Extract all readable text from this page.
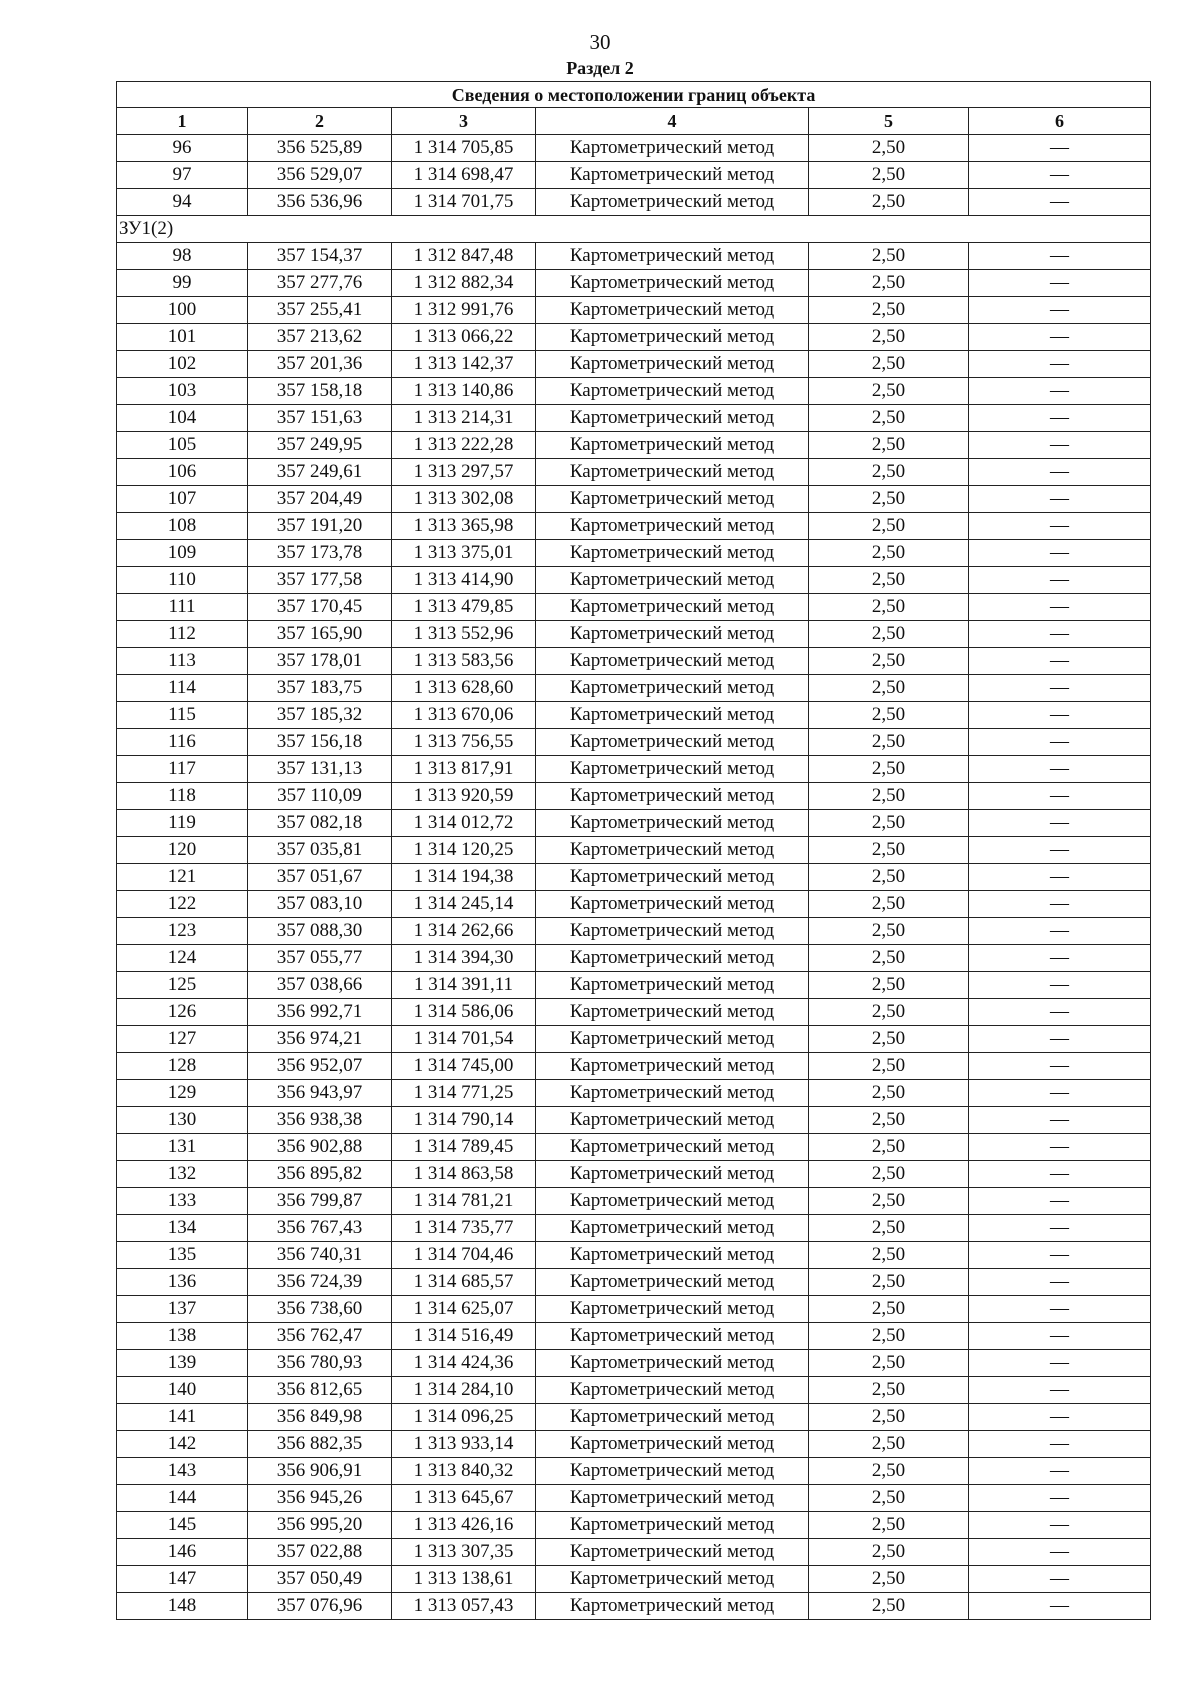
30
Раздел 2
Сведения о местоположении границ объекта					
1	2	3	4	5	6
96	356 525,89	1 314 705,85	Картометрический метод	2,50	—
97	356 529,07	1 314 698,47	Картометрический метод	2,50	—
94	356 536,96	1 314 701,75	Картометрический метод	2,50	—
ЗУ1(2)					
98	357 154,37	1 312 847,48	Картометрический метод	2,50	—
99	357 277,76	1 312 882,34	Картометрический метод	2,50	—
100	357 255,41	1 312 991,76	Картометрический метод	2,50	—
101	357 213,62	1 313 066,22	Картометрический метод	2,50	—
102	357 201,36	1 313 142,37	Картометрический метод	2,50	—
103	357 158,18	1 313 140,86	Картометрический метод	2,50	—
104	357 151,63	1 313 214,31	Картометрический метод	2,50	—
105	357 249,95	1 313 222,28	Картометрический метод	2,50	—
106	357 249,61	1 313 297,57	Картометрический метод	2,50	—
107	357 204,49	1 313 302,08	Картометрический метод	2,50	—
108	357 191,20	1 313 365,98	Картометрический метод	2,50	—
109	357 173,78	1 313 375,01	Картометрический метод	2,50	—
110	357 177,58	1 313 414,90	Картометрический метод	2,50	—
111	357 170,45	1 313 479,85	Картометрический метод	2,50	—
112	357 165,90	1 313 552,96	Картометрический метод	2,50	—
113	357 178,01	1 313 583,56	Картометрический метод	2,50	—
114	357 183,75	1 313 628,60	Картометрический метод	2,50	—
115	357 185,32	1 313 670,06	Картометрический метод	2,50	—
116	357 156,18	1 313 756,55	Картометрический метод	2,50	—
117	357 131,13	1 313 817,91	Картометрический метод	2,50	—
118	357 110,09	1 313 920,59	Картометрический метод	2,50	—
119	357 082,18	1 314 012,72	Картометрический метод	2,50	—
120	357 035,81	1 314 120,25	Картометрический метод	2,50	—
121	357 051,67	1 314 194,38	Картометрический метод	2,50	—
122	357 083,10	1 314 245,14	Картометрический метод	2,50	—
123	357 088,30	1 314 262,66	Картометрический метод	2,50	—
124	357 055,77	1 314 394,30	Картометрический метод	2,50	—
125	357 038,66	1 314 391,11	Картометрический метод	2,50	—
126	356 992,71	1 314 586,06	Картометрический метод	2,50	—
127	356 974,21	1 314 701,54	Картометрический метод	2,50	—
128	356 952,07	1 314 745,00	Картометрический метод	2,50	—
129	356 943,97	1 314 771,25	Картометрический метод	2,50	—
130	356 938,38	1 314 790,14	Картометрический метод	2,50	—
131	356 902,88	1 314 789,45	Картометрический метод	2,50	—
132	356 895,82	1 314 863,58	Картометрический метод	2,50	—
133	356 799,87	1 314 781,21	Картометрический метод	2,50	—
134	356 767,43	1 314 735,77	Картометрический метод	2,50	—
135	356 740,31	1 314 704,46	Картометрический метод	2,50	—
136	356 724,39	1 314 685,57	Картометрический метод	2,50	—
137	356 738,60	1 314 625,07	Картометрический метод	2,50	—
138	356 762,47	1 314 516,49	Картометрический метод	2,50	—
139	356 780,93	1 314 424,36	Картометрический метод	2,50	—
140	356 812,65	1 314 284,10	Картометрический метод	2,50	—
141	356 849,98	1 314 096,25	Картометрический метод	2,50	—
142	356 882,35	1 313 933,14	Картометрический метод	2,50	—
143	356 906,91	1 313 840,32	Картометрический метод	2,50	—
144	356 945,26	1 313 645,67	Картометрический метод	2,50	—
145	356 995,20	1 313 426,16	Картометрический метод	2,50	—
146	357 022,88	1 313 307,35	Картометрический метод	2,50	—
147	357 050,49	1 313 138,61	Картометрический метод	2,50	—
148	357 076,96	1 313 057,43	Картометрический метод	2,50	—
